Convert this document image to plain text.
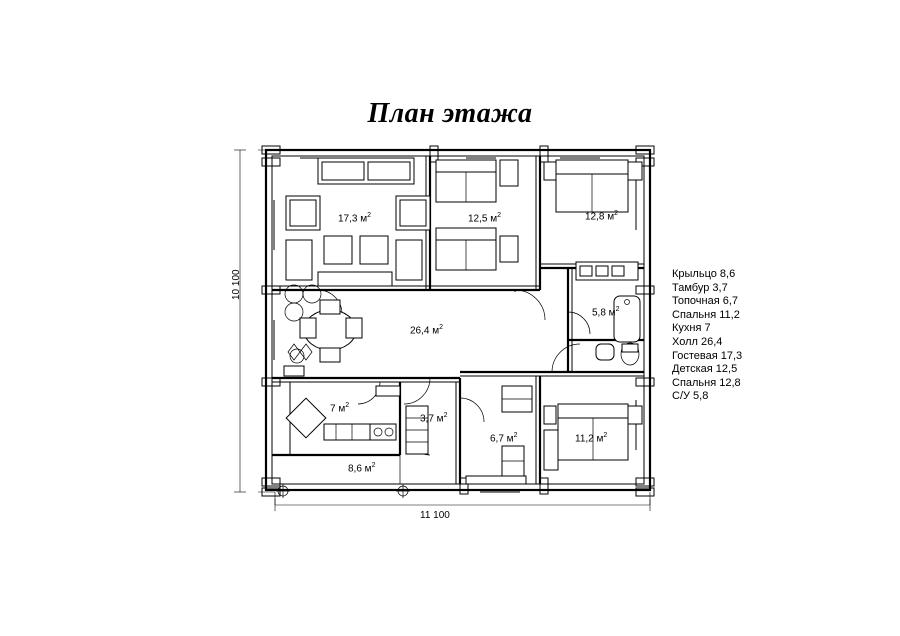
План этажа
Крыльцо 8,6
Тамбур 3,7
Топочная 6,7
Спальня 11,2
Кухня 7
Холл 26,4
Гостевая 17,3
Детская 12,5
Спальня 12,8
С/У 5,8
10 100
11 100
17,3 $м^2$	12,5 $м^2$	12,8 $м^2$
5,8 $м^2$
26,4 $м^2$
7 $м^2$
3,7 $м^2$
6,7 $м^2$	11,2 $м^2$
8,6 $м^2$
